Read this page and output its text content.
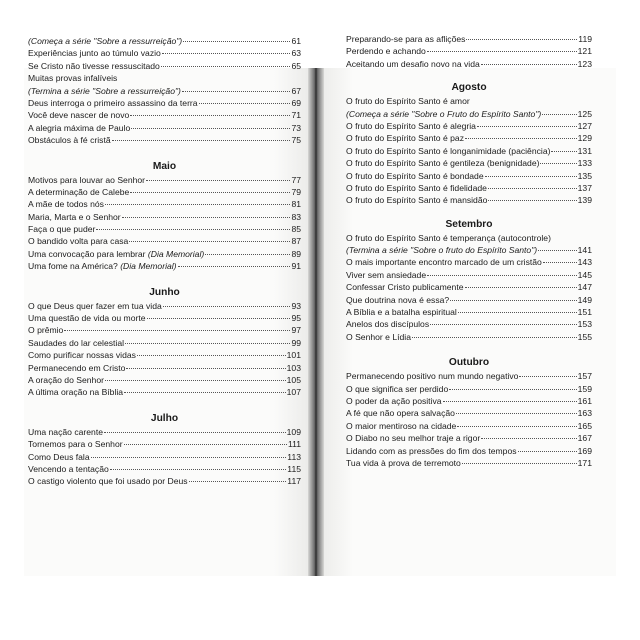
(Começa a série "Sobre a ressurreição")	61
Experiências junto ao túmulo vazio	63
Se Cristo não tivesse ressuscitado	65
Muitas provas infalíveis
(Termina a série "Sobre a ressurreição")	67
Deus interroga o primeiro assassino da terra	69
Você deve nascer de novo	71
A alegria máxima de Paulo	73
Obstáculos à fé cristã	75
Maio
Motivos para louvar ao Senhor	77
A determinação de Calebe	79
A mãe de todos nós	81
Maria, Marta e o Senhor	83
Faça o que puder	85
O bandido volta para casa	87
Uma convocação para lembrar (Dia Memorial)	89
Uma fome na América? (Dia Memorial)	91
Junho
O que Deus quer fazer em tua vida	93
Uma questão de vida ou morte	95
O prêmio	97
Saudades do lar celestial	99
Como purificar nossas vidas	101
Permanecendo em Cristo	103
A oração do Senhor	105
A última oração na Bíblia	107
Julho
Uma nação carente	109
Tornemos para o Senhor	111
Como Deus fala	113
Vencendo a tentação	115
O castigo violento que foi usado por Deus	117
Preparando-se para as aflições	119
Perdendo e achando	121
Aceitando um desafio novo na vida	123
Agosto
O fruto do Espírito Santo é amor
(Começa a série "Sobre o Fruto do Espírito Santo")	125
O fruto do Espírito Santo é alegria	127
O fruto do Espírito Santo é paz	129
O fruto do Espírito Santo é longanimidade (paciência)	131
O fruto do Espírito Santo é gentileza (benignidade)	133
O fruto do Espírito Santo é bondade	135
O fruto do Espírito Santo é fidelidade	137
O fruto do Espírito Santo é mansidão	139
Setembro
O fruto do Espírito Santo é temperança (autocontrole)
(Termina a série "Sobre o fruto do Espírito Santo")	141
O mais importante encontro marcado de um cristão	143
Viver sem ansiedade	145
Confessar Cristo publicamente	147
Que doutrina nova é essa?	149
A Bíblia e a batalha espiritual	151
Anelos dos discípulos	153
O Senhor e Lídia	155
Outubro
Permanecendo positivo num mundo negativo	157
O que significa ser perdido	159
O poder da ação positiva	161
A fé que não opera salvação	163
O maior mentiroso na cidade	165
O Diabo no seu melhor traje a rigor	167
Lidando com as pressões do fim dos tempos	169
Tua vida à prova de terremoto	171
